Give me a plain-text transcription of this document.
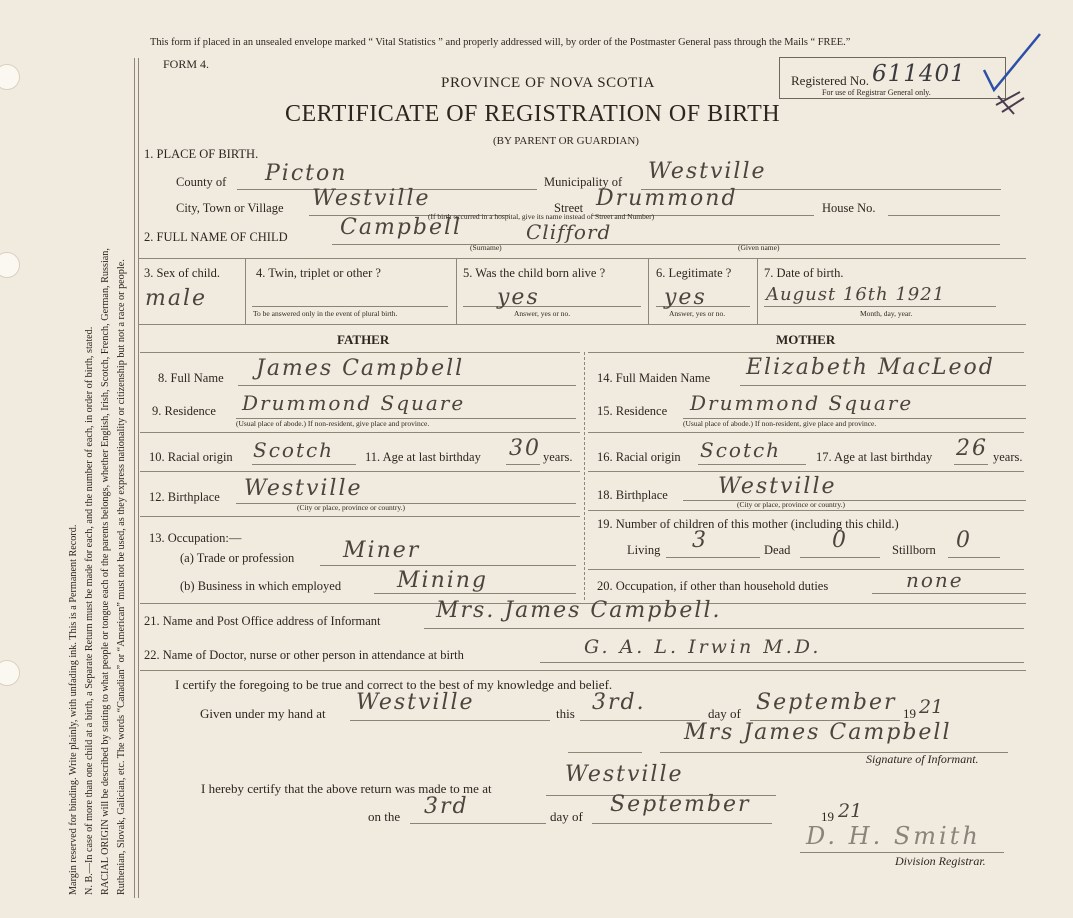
Margin reserved for binding. Write plainly, with unfading ink. This is a Permanent Record. N. B.—In case of more than one child at a birth, a Separate Return must be made for each, and the number of each, in order of birth, stated. RACIAL ORIGIN will be described by stating to what people or tongue each of the parents belongs, whether English, Irish, Scotch, French, German, Russian, Ruthenian, Slovak, Galician, etc. The words “Canadian” or “American” must not be used, as they express nationality or citizenship but not a race or people.
This form if placed in an unsealed envelope marked “ Vital Statistics ” and properly addressed will, by order of the Postmaster General pass through the Mails “ FREE.”
FORM 4.
PROVINCE OF NOVA SCOTIA
CERTIFICATE OF REGISTRATION OF BIRTH
(BY PARENT OR GUARDIAN)
Registered No. 611401
For use of Registrar General only.
1. PLACE OF BIRTH.
County of Picton	Municipality of Westville
City, Town or Village Westville	Street Drummond	House No.
(If birth occurred in a hospital, give its name instead of Street and Number)
2. FULL NAME OF CHILD Campbell	Clifford
(Surname)	(Given name)
3. Sex of child.
male
4. Twin, triplet or other ?
To be answered only in the event of plural birth.
5. Was the child born alive ?
yes
Answer, yes or no.
6. Legitimate ?
yes
Answer, yes or no.
7. Date of birth.
August 16th 1921
Month, day, year.
FATHER	MOTHER
8. Full Name James Campbell
9. Residence Drummond Square
(Usual place of abode.) If non-resident, give place and province.
10. Racial origin Scotch 11. Age at last birthday 30 years.
12. Birthplace Westville
(City or place, province or country.)
13. Occupation:—
(a) Trade or profession Miner
(b) Business in which employed	Mining
14. Full Maiden Name Elizabeth MacLeod
15. Residence Drummond Square
(Usual place of abode.) If non-resident, give place and province.
16. Racial origin Scotch	17. Age at last birthday 26 years.
18. Birthplace Westville
(City or place, province or country.)
19. Number of children of this mother (including this child.)
Living 3	Dead 0	Stillborn 0
20. Occupation, if other than household duties	none
21. Name and Post Office address of Informant	Mrs. James Campbell.
22. Name of Doctor, nurse or other person in attendance at birth	G. A. L. Irwin M.D.
I certify the foregoing to be true and correct to the best of my knowledge and belief.
Given under my hand at Westville	this 3rd.	day of September 19 21
Mrs James Campbell
Signature of Informant.
I hereby certify that the above return was made to me at
Westville
on the 3rd	day of September	19 21
D. H. Smith
Division Registrar.
